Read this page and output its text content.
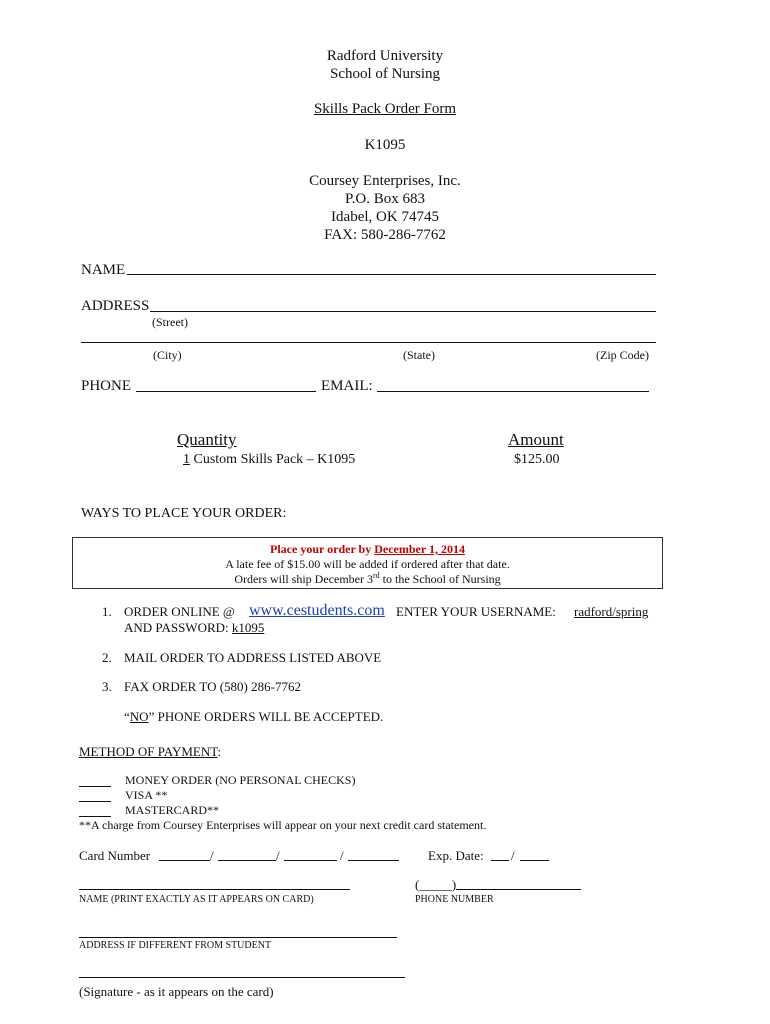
Radford University
School of Nursing
Skills Pack Order Form
K1095
Coursey Enterprises, Inc.
P.O. Box 683
Idabel, OK 74745
FAX: 580-286-7762
NAME
ADDRESS
(Street)
(City)	(State)	(Zip Code)
PHONE	EMAIL:
Quantity	Amount
1 Custom Skills Pack – K1095	$125.00
WAYS TO PLACE YOUR ORDER:
Place your order by December 1, 2014
A late fee of $15.00 will be added if ordered after that date.
Orders will ship December 3rd to the School of Nursing
1. ORDER ONLINE @ www.cestudents.com ENTER YOUR USERNAME: radford/spring
AND PASSWORD: k1095
2. MAIL ORDER TO ADDRESS LISTED ABOVE
3. FAX ORDER TO (580) 286-7762
“NO” PHONE ORDERS WILL BE ACCEPTED.
METHOD OF PAYMENT:
MONEY ORDER (NO PERSONAL CHECKS)
VISA **
MASTERCARD**
**A charge from Coursey Enterprises will appear on your next credit card statement.
Card Number	/	/	/	Exp. Date: /
NAME (PRINT EXACTLY AS IT APPEARS ON CARD)
(_____)
PHONE NUMBER
ADDRESS IF DIFFERENT FROM STUDENT
(Signature - as it appears on the card)
